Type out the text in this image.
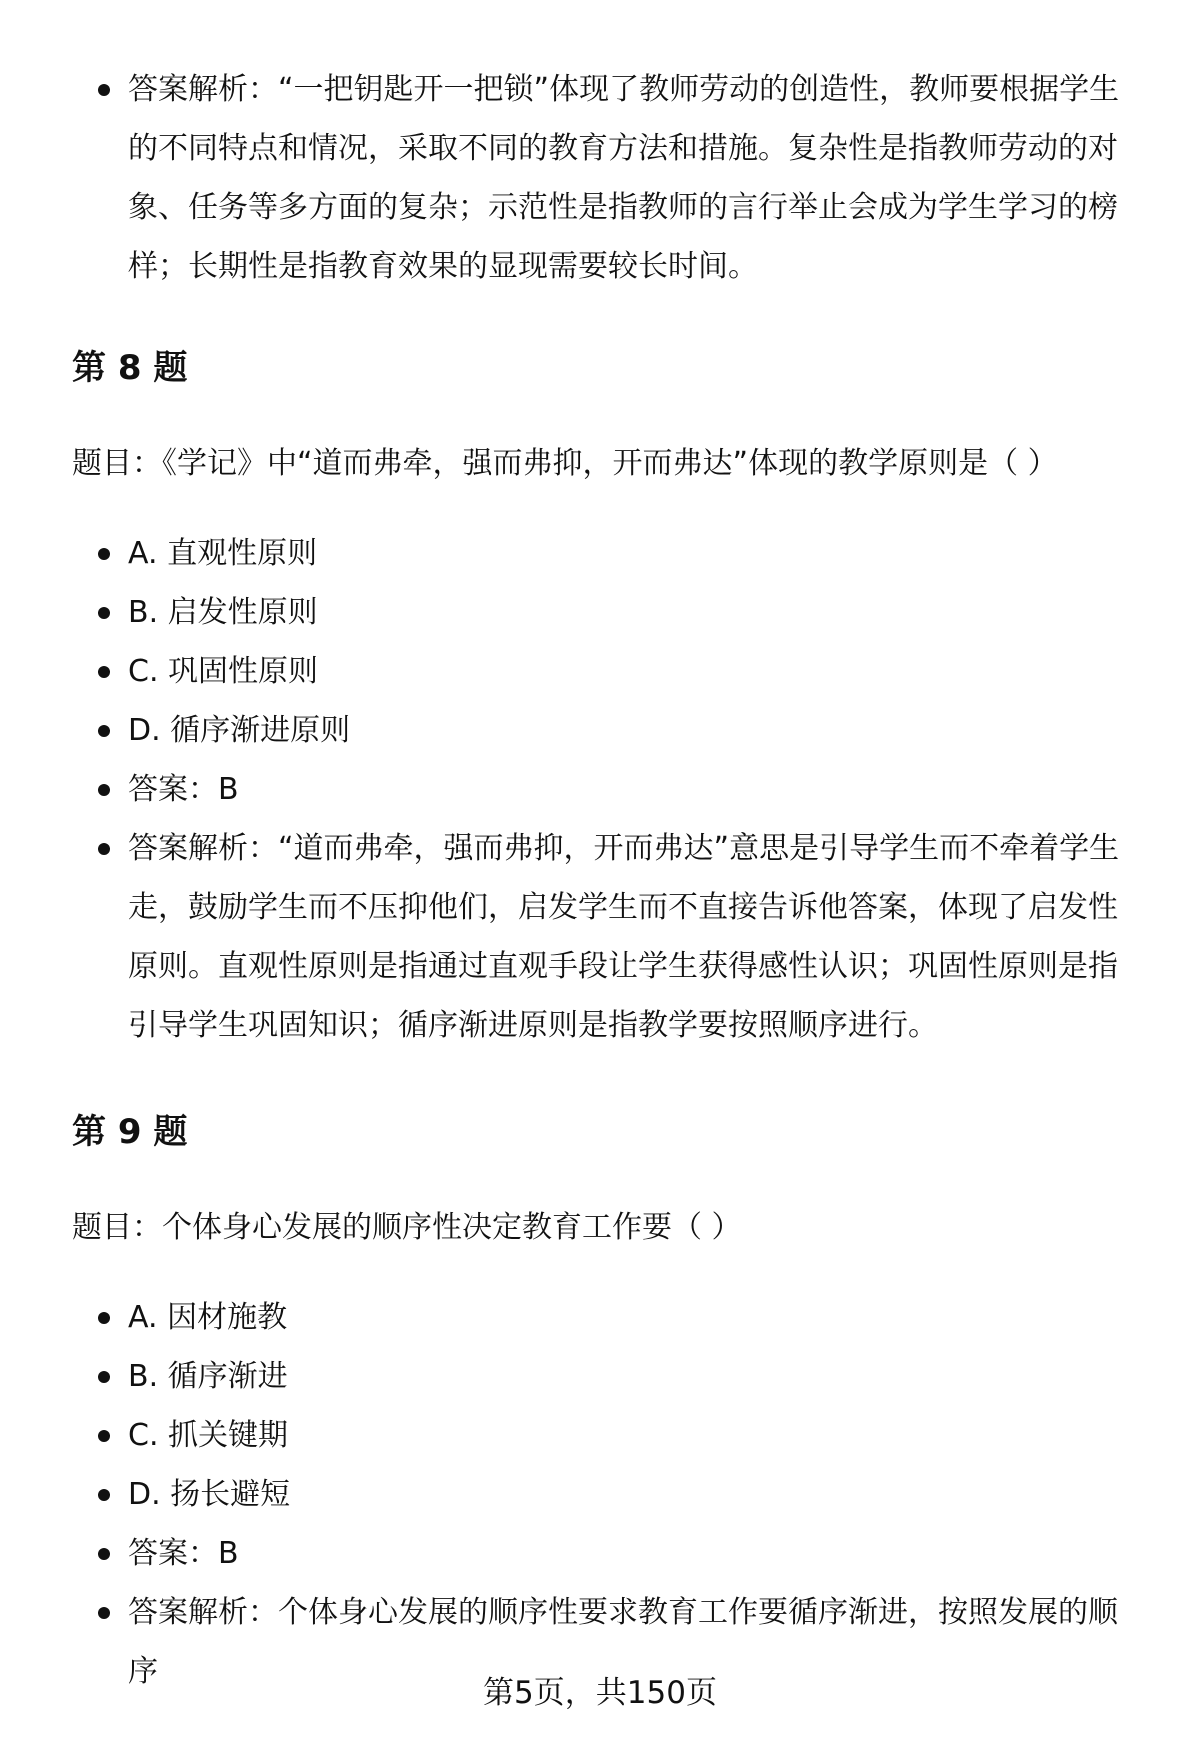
答案解析：“一把钥匙开一把锁”体现了教师劳动的创造性，教师要根据学生的不同特点和情况，采取不同的教育方法和措施。复杂性是指教师劳动的对象、任务等多方面的复杂；示范性是指教师的言行举止会成为学生学习的榜样；长期性是指教育效果的显现需要较长时间。
第 8 题

题目：《学记》中“道而弗牵，强而弗抑，开而弗达”体现的教学原则是（ ）

A. 直观性原则
B. 启发性原则
C. 巩固性原则
D. 循序渐进原则
答案：B
答案解析：“道而弗牵，强而弗抑，开而弗达”意思是引导学生而不牵着学生走，鼓励学生而不压抑他们，启发学生而不直接告诉他答案，体现了启发性原则。直观性原则是指通过直观手段让学生获得感性认识；巩固性原则是指引导学生巩固知识；循序渐进原则是指教学要按照顺序进行。
第 9 题

题目：个体身心发展的顺序性决定教育工作要（ ）

A. 因材施教
B. 循序渐进
C. 抓关键期
D. 扬长避短
答案：B
答案解析：个体身心发展的顺序性要求教育工作要循序渐进，按照发展的顺序
第5页，共150页
